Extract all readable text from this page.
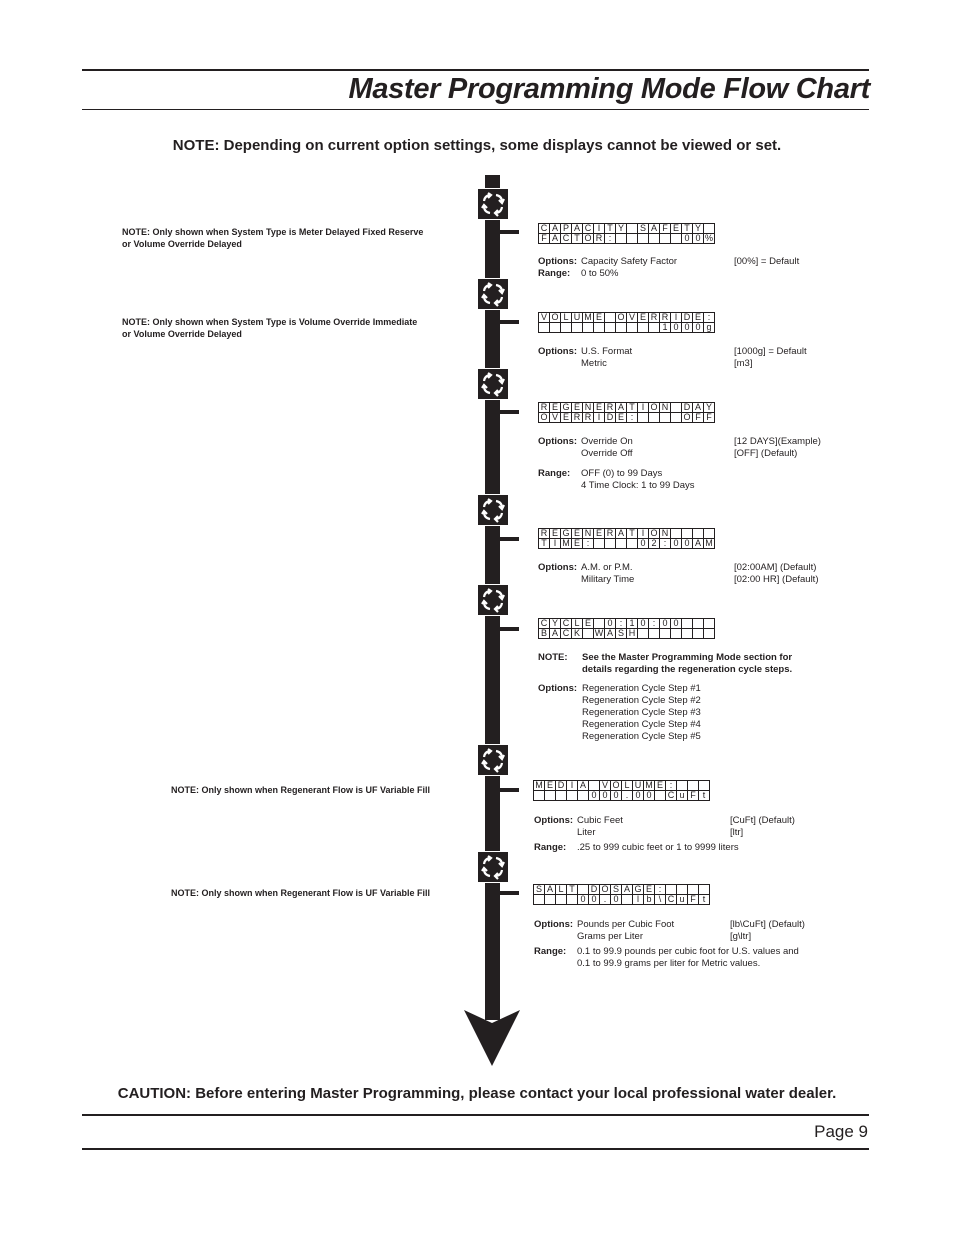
Master Programming Mode Flow Chart
NOTE: Depending on current option settings, some displays cannot be viewed or set.
NOTE: Only shown when System Type is Meter Delayed Fixed Reserve
or Volume Override Delayed
NOTE: Only shown when System Type is Volume Override Immediate
or Volume Override Delayed
NOTE: Only shown when Regenerant Flow is UF Variable Fill
NOTE: Only shown when Regenerant Flow is UF Variable Fill
C	A	P	A	C	I	T	Y		S	A	F	E	T	Y	
F	A	C	T	O	R	:							0	0	%
V	O	L	U	M	E		O	V	E	R	R	I	D	E	:
											1	0	0	0	g
R	E	G	E	N	E	R	A	T	I	O	N		D	A	Y
O	V	E	R	R	I	D	E	:					O	F	F
R	E	G	E	N	E	R	A	T	I	O	N				
T	I	M	E	:					0	2	:	0	0	A	M
C	Y	C	L	E		0	:	1	0	:	0	0			
B	A	C	K		W	A	S	H							
M	E	D	I	A		V	O	L	U	M	E	:			
					0	0	0	.	0	0		C	u	F	t
S	A	L	T		D	O	S	A	G	E	:				
				0	0	.	0		l	b	\	C	u	F	t
Options: Capacity Safety Factor	[00%] = Default
Range: 0 to 50%
Options: U.S. Format	[1000g] = Default
Metric	[m3]
Options: Override On	[12 DAYS](Example)
Override Off	[OFF] (Default)
Range: OFF (0) to 99 Days
4 Time Clock: 1 to 99 Days
Options: A.M. or P.M.	[02:00AM] (Default)
Military Time	[02:00 HR] (Default)
NOTE: See the Master Programming Mode section for
details regarding the regeneration cycle steps.
Options: Regeneration Cycle Step #1
Regeneration Cycle Step #2
Regeneration Cycle Step #3
Regeneration Cycle Step #4
Regeneration Cycle Step #5
Options: Cubic Feet	[CuFt] (Default)
Liter	[ltr]
Range: .25 to 999 cubic feet or 1 to 9999 liters
Options: Pounds per Cubic Foot	[lb\CuFt] (Default)
Grams per Liter	[g\ltr]
Range: 0.1 to 99.9 pounds per cubic foot for U.S. values and
0.1 to 99.9 grams per liter for Metric values.
CAUTION: Before entering Master Programming, please contact your local professional water dealer.
Page 9
